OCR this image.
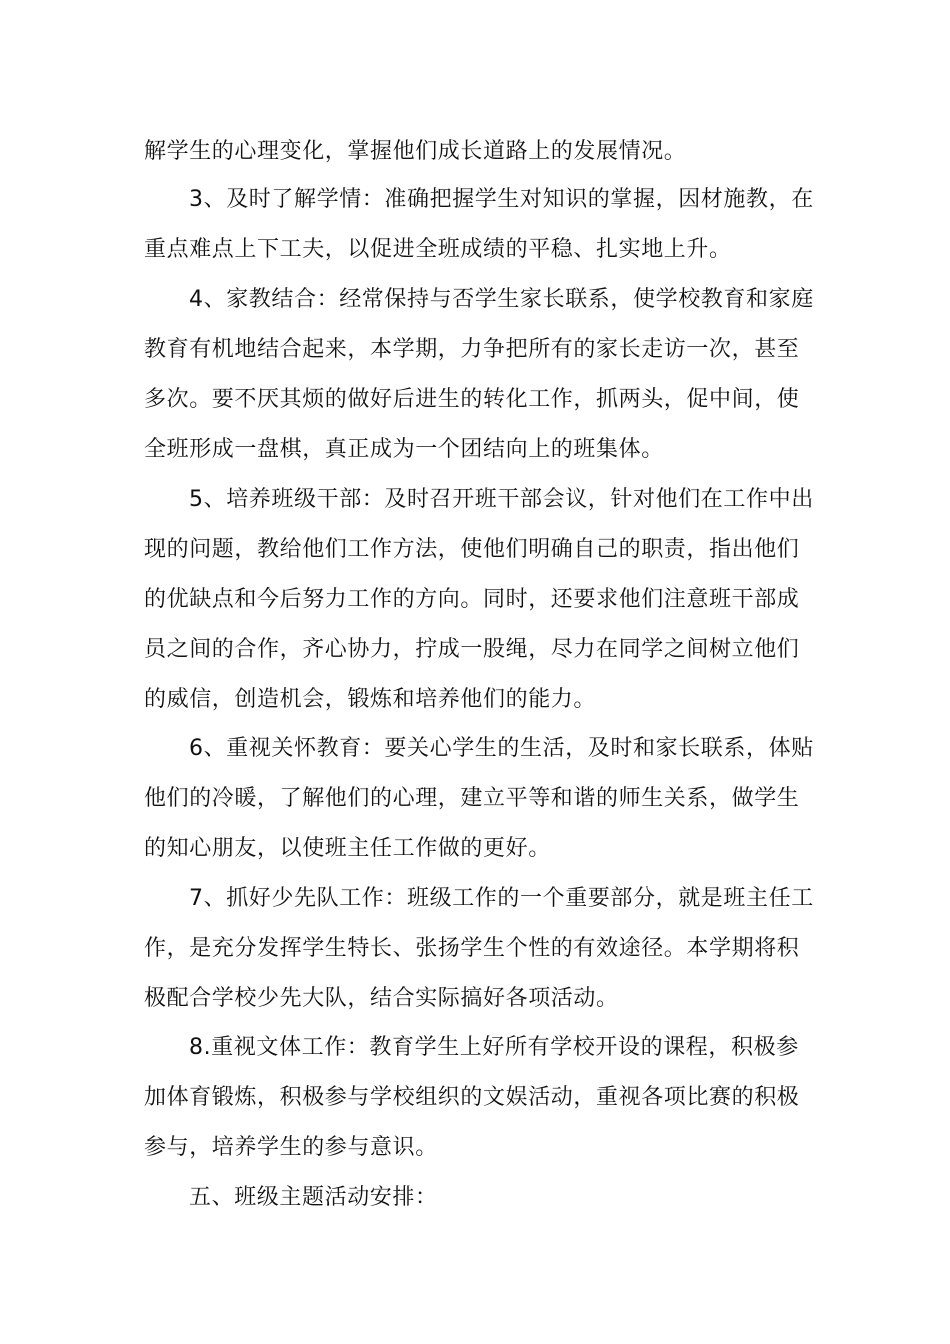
解学生的心理变化，掌握他们成长道路上的发展情况。
3、及时了解学情：准确把握学生对知识的掌握，因材施教，在
重点难点上下工夫，以促进全班成绩的平稳、扎实地上升。
4、家教结合：经常保持与否学生家长联系，使学校教育和家庭
教育有机地结合起来，本学期，力争把所有的家长走访一次，甚至
多次。要不厌其烦的做好后进生的转化工作，抓两头，促中间，使
全班形成一盘棋，真正成为一个团结向上的班集体。
5、培养班级干部：及时召开班干部会议，针对他们在工作中出
现的问题，教给他们工作方法，使他们明确自己的职责，指出他们
的优缺点和今后努力工作的方向。同时，还要求他们注意班干部成
员之间的合作，齐心协力，拧成一股绳，尽力在同学之间树立他们
的威信，创造机会，锻炼和培养他们的能力。
6、重视关怀教育：要关心学生的生活，及时和家长联系，体贴
他们的冷暖，了解他们的心理，建立平等和谐的师生关系，做学生
的知心朋友，以使班主任工作做的更好。
7、抓好少先队工作：班级工作的一个重要部分，就是班主任工
作，是充分发挥学生特长、张扬学生个性的有效途径。本学期将积
极配合学校少先大队，结合实际搞好各项活动。
8.重视文体工作：教育学生上好所有学校开设的课程，积极参
加体育锻炼，积极参与学校组织的文娱活动，重视各项比赛的积极
参与，培养学生的参与意识。
五、班级主题活动安排：
